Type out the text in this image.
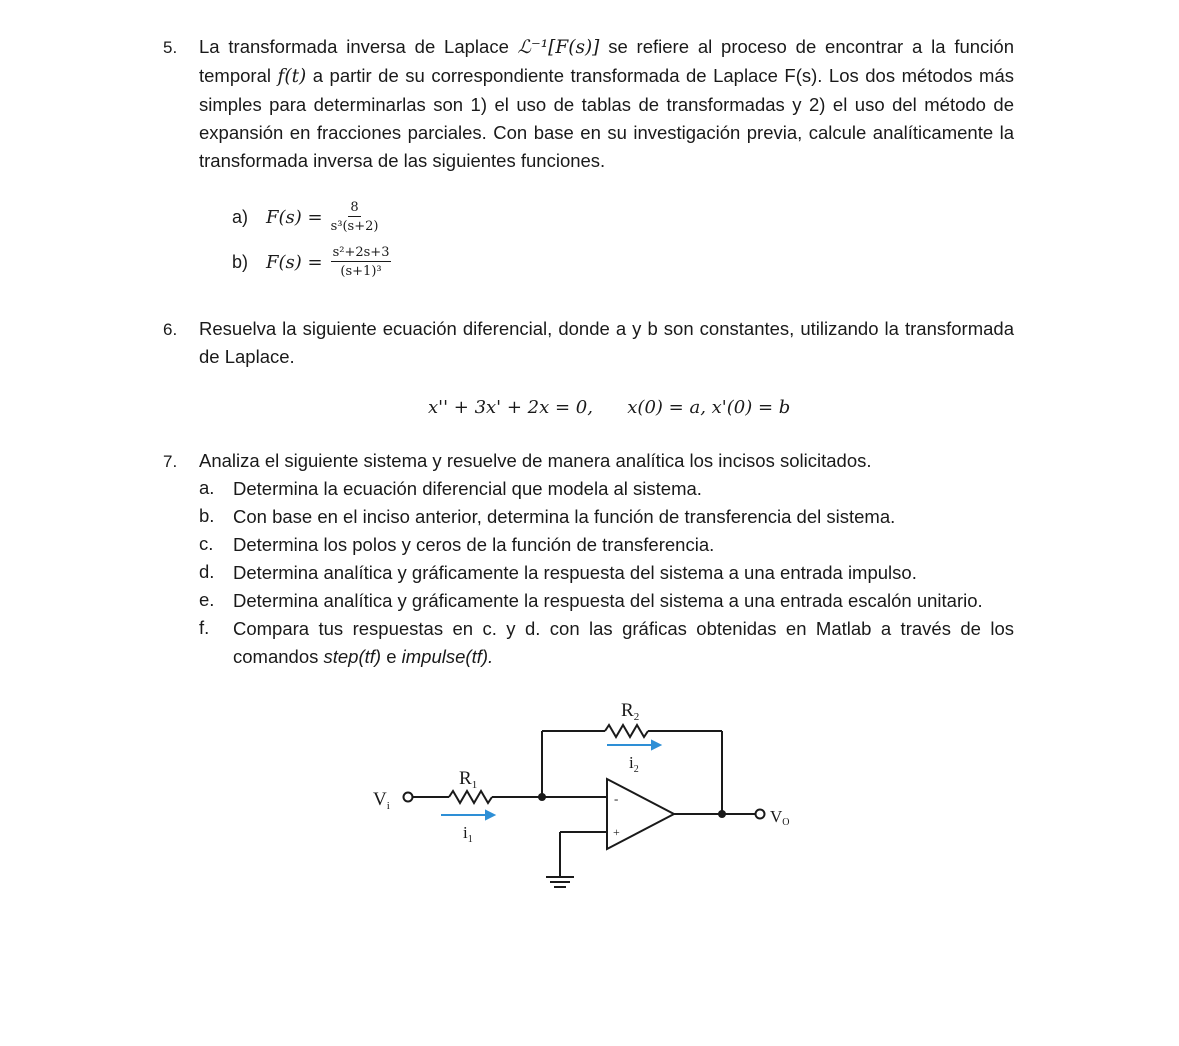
5. La transformada inversa de Laplace ℒ⁻¹[F(s)] se refiere al proceso de encontrar a la función temporal f(t) a partir de su correspondiente transformada de Laplace F(s). Los dos métodos más simples para determinarlas son 1) el uso de tablas de transformadas y 2) el uso del método de expansión en fracciones parciales. Con base en su investigación previa, calcule analíticamente la transformada inversa de las siguientes funciones.
a) $F(s) = \frac{8}{\text{s³(s+2)}}$
b) $F(s) = \frac{\text{s²+2s+3}}{\text{(s+1)³}}$
6. Resuelva la siguiente ecuación diferencial, donde a y b son constantes, utilizando la transformada de Laplace.
x'' + 3x' + 2x = 0,      x(0) = a, x'(0) = b
7. Analiza el siguiente sistema y resuelve de manera analítica los incisos solicitados.
a. Determina la ecuación diferencial que modela al sistema.
b. Con base en el inciso anterior, determina la función de transferencia del sistema.
c. Determina los polos y ceros de la función de transferencia.
d. Determina analítica y gráficamente la respuesta del sistema a una entrada impulso.
e. Determina analítica y gráficamente la respuesta del sistema a una entrada escalón unitario.
f. Compara tus respuestas en c. y d. con las gráficas obtenidas en Matlab a través de los comandos step(tf) e impulse(tf).
$R_1$
$R_2$
$i_1$
$i_2$
$V_i$
VO
-
+
